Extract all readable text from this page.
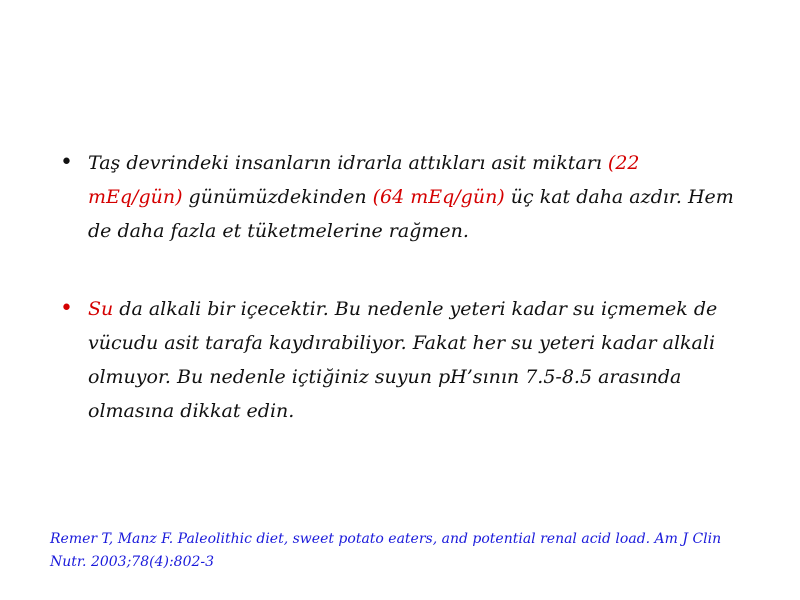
• Taş devrindeki insanların idrarla attıkları asit miktarı (22 mEq/gün) günümüzdekinden (64 mEq/gün) üç kat daha azdır. Hem de daha fazla et tüketmelerine rağmen.
• Su da alkali bir içecektir. Bu nedenle yeteri kadar su içmemek de vücudu asit tarafa kaydırabiliyor. Fakat her su yeteri kadar alkali olmuyor. Bu nedenle içtiğiniz suyun pH’sının 7.5-8.5 arasında olmasına dikkat edin.
Remer T, Manz F. Paleolithic diet, sweet potato eaters, and potential renal acid load. Am J Clin Nutr. 2003;78(4):802-3
